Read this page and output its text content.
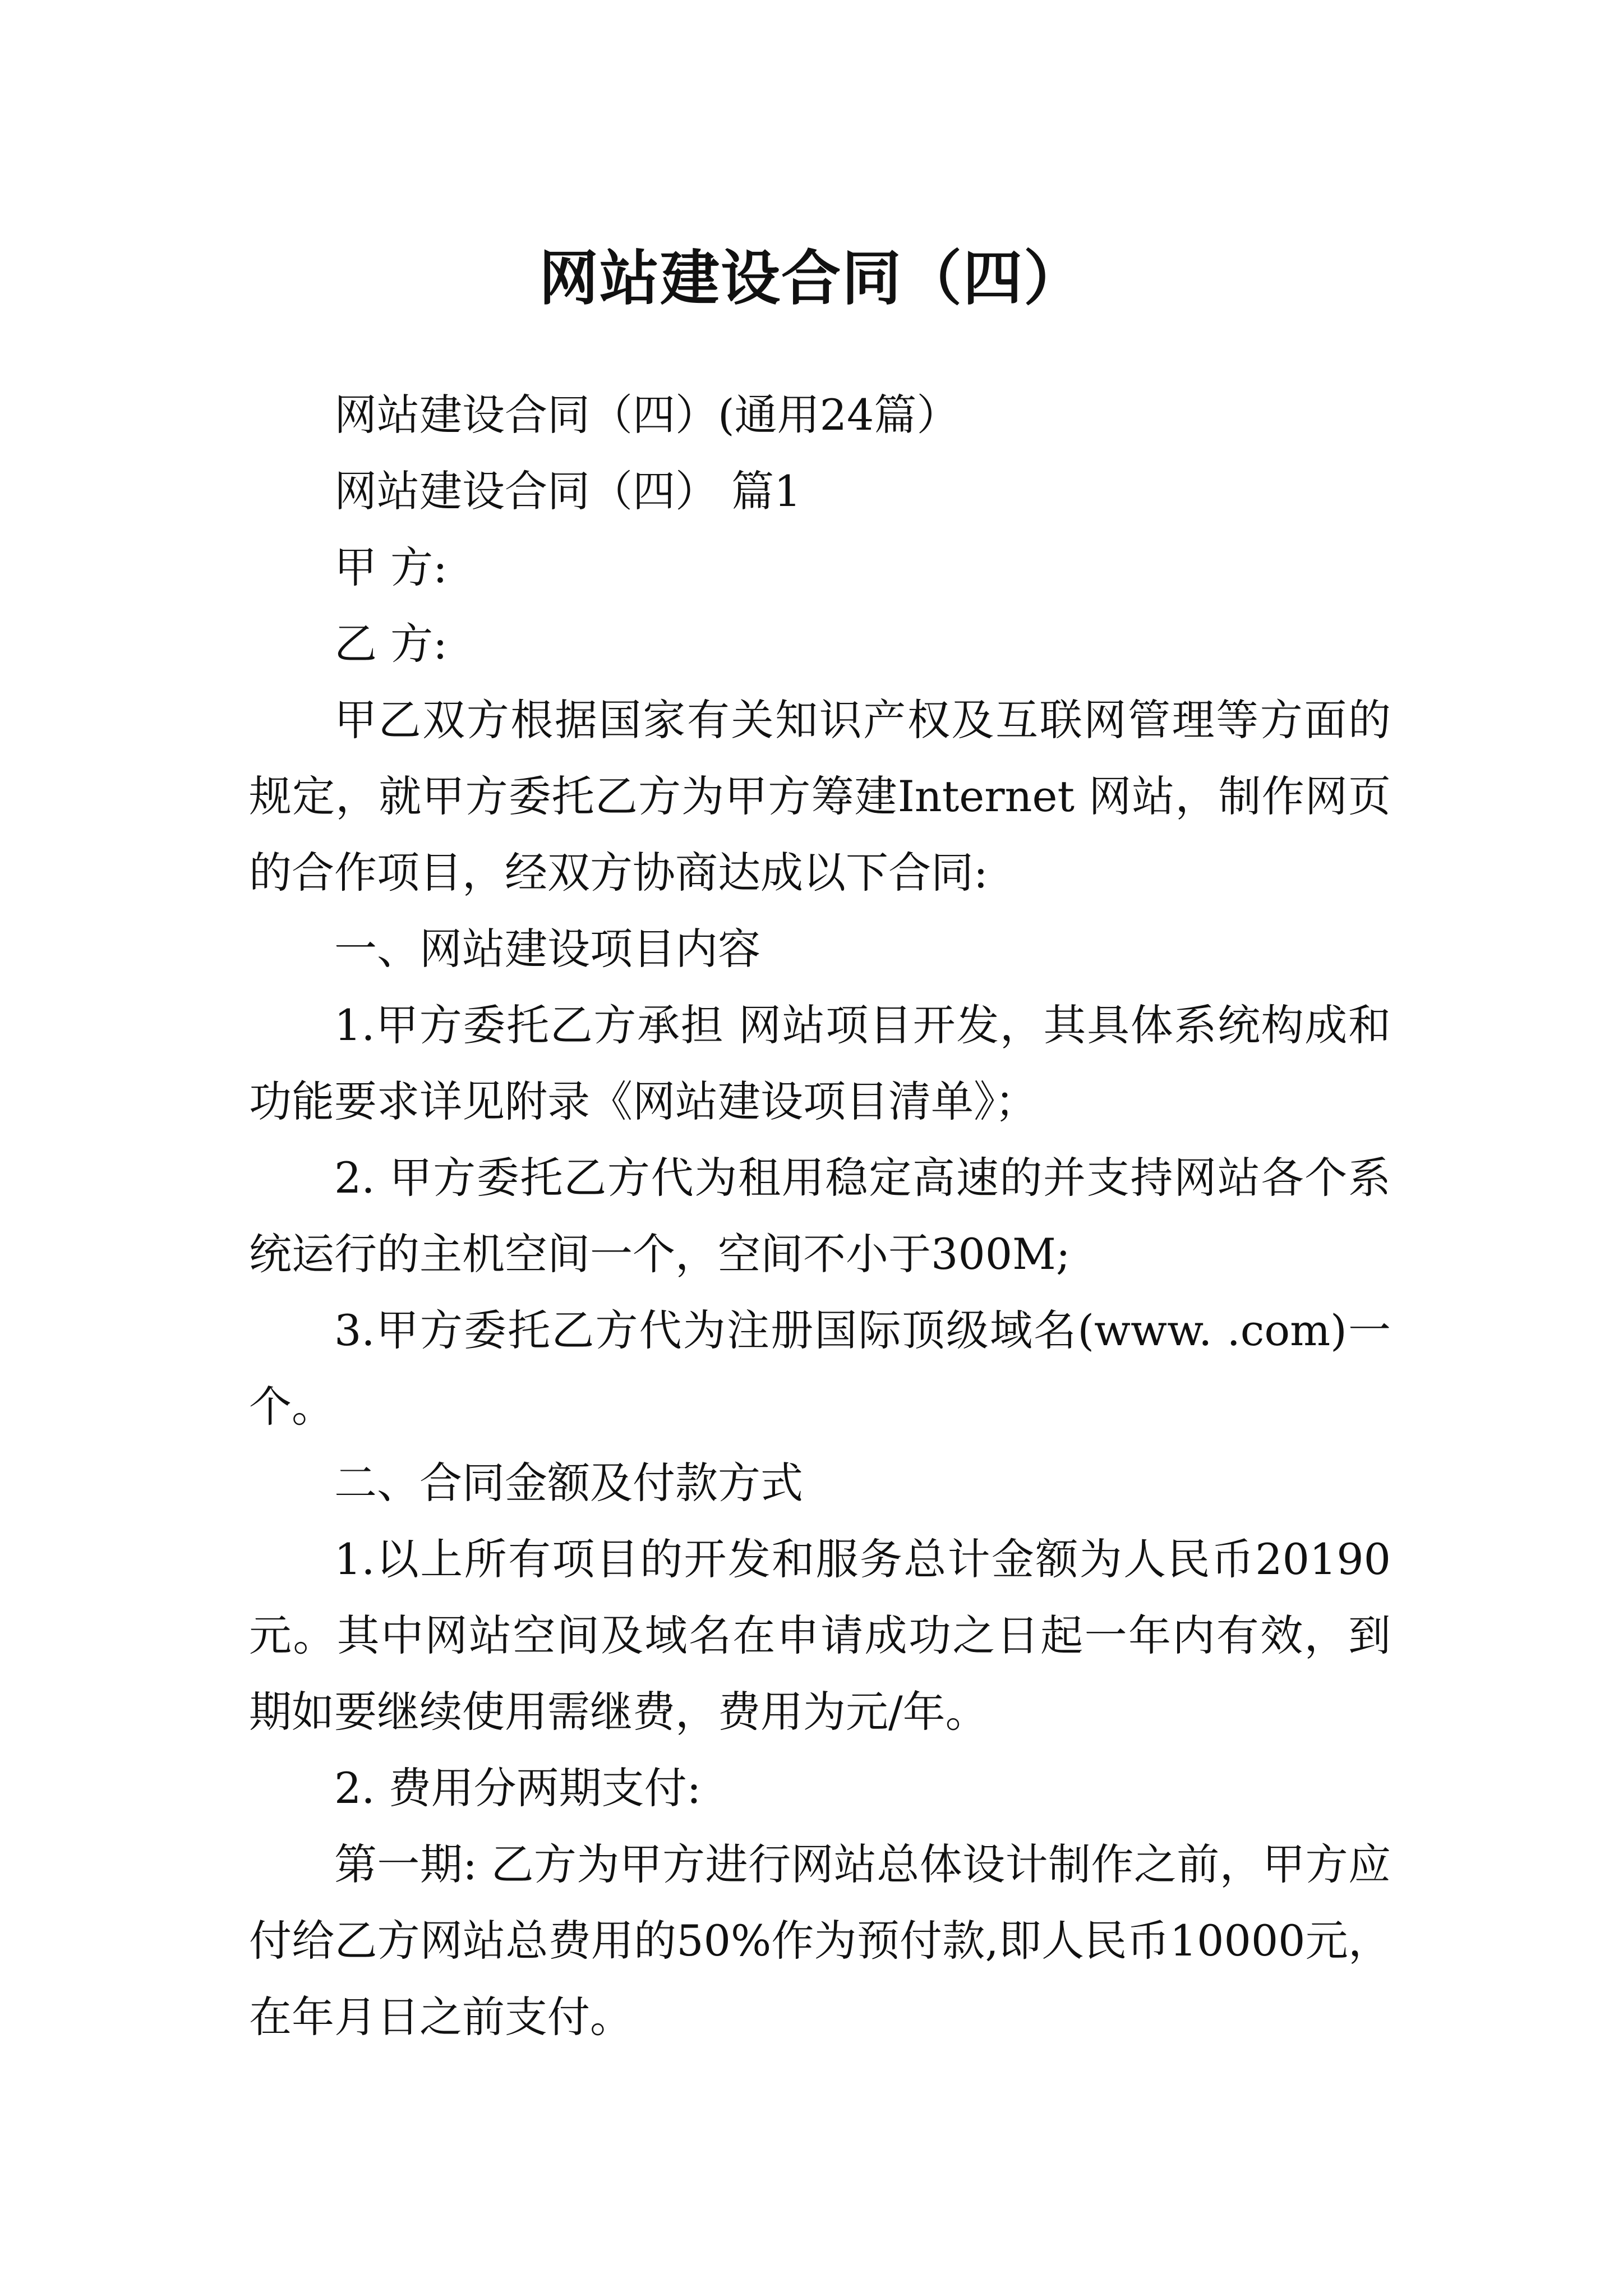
网站建设合同（四）

网站建设合同（四）(通用24篇）

网站建设合同（四） 篇1

甲 方:

乙 方:

甲乙双方根据国家有关知识产权及互联网管理等方面的规定，就甲方委托乙方为甲方筹建Internet 网站，制作网页的合作项目，经双方协商达成以下合同:

一、网站建设项目内容

1.甲方委托乙方承担 网站项目开发，其具体系统构成和功能要求详见附录《网站建设项目清单》；

2. 甲方委托乙方代为租用稳定高速的并支持网站各个系统运行的主机空间一个，空间不小于300M;

3.甲方委托乙方代为注册国际顶级域名(www. .com)一个。

二、合同金额及付款方式

1.以上所有项目的开发和服务总计金额为人民币20190 元。其中网站空间及域名在申请成功之日起一年内有效，到期如要继续使用需继费，费用为元/年。

2. 费用分两期支付:

第一期: 乙方为甲方进行网站总体设计制作之前，甲方应付给乙方网站总费用的50%作为预付款,即人民币10000元，在年月日之前支付。
